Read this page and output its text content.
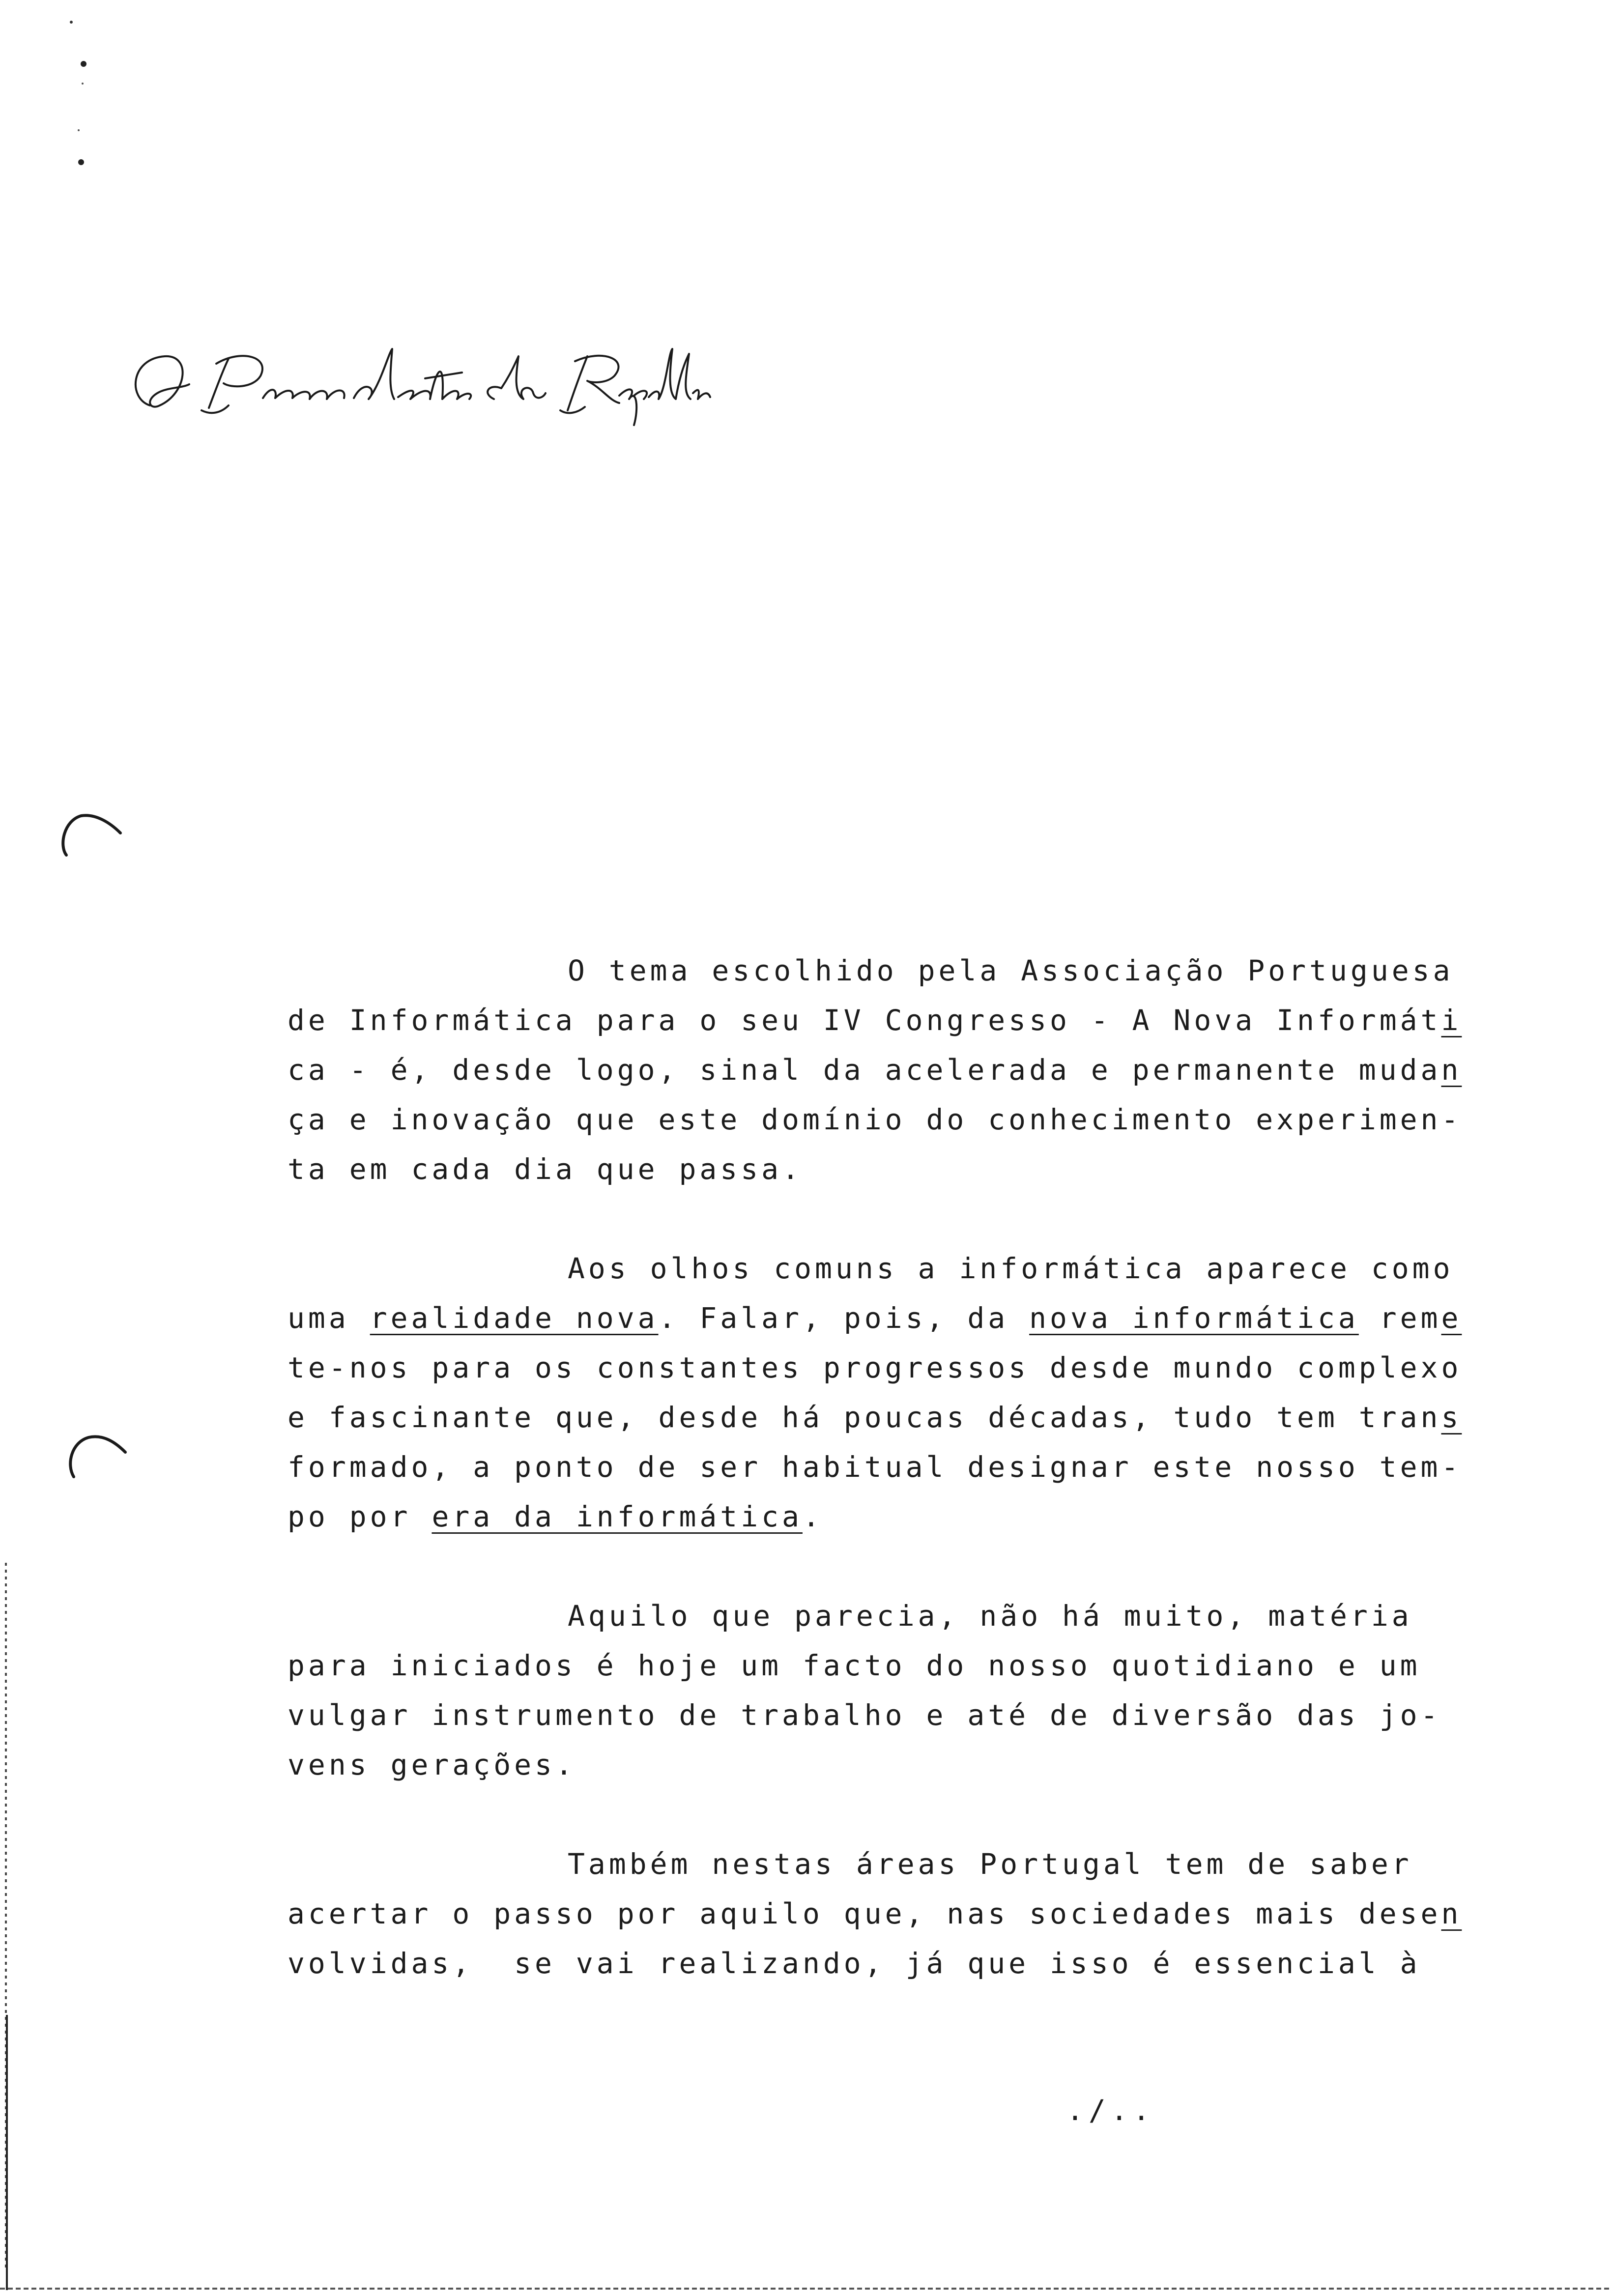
O tema escolhido pela Associação Portuguesa
de Informática para o seu IV Congresso - A Nova Informáti
ca - é, desde logo, sinal da acelerada e permanente mudan
ça e inovação que este domínio do conhecimento experimen-
ta em cada dia que passa.
Aos olhos comuns a informática aparece como
uma realidade nova. Falar, pois, da nova informática reme
te-nos para os constantes progressos desde mundo complexo
e fascinante que, desde há poucas décadas, tudo tem trans
formado, a ponto de ser habitual designar este nosso tem-
po por era da informática.
Aquilo que parecia, não há muito, matéria
para iniciados é hoje um facto do nosso quotidiano e um
vulgar instrumento de trabalho e até de diversão das jo-
vens gerações.
Também nestas áreas Portugal tem de saber
acertar o passo por aquilo que, nas sociedades mais desen
volvidas,  se vai realizando, já que isso é essencial à
./..
